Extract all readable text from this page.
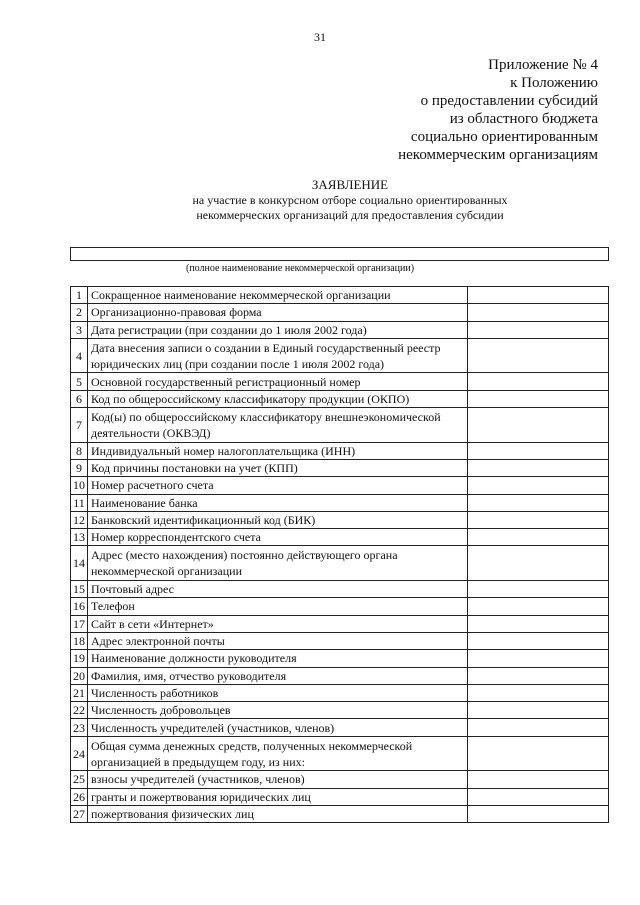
31
Приложение № 4
к Положению
о предоставлении субсидий
из областного бюджета
социально ориентированным
некоммерческим организациям
ЗАЯВЛЕНИЕ
на участие в конкурсном отборе социально ориентированных
некоммерческих организаций для предоставления субсидии
(полное наименование некоммерческой организации)
1	Сокращенное наименование некоммерческой организации	
2	Организационно-правовая форма	
3	Дата регистрации (при создании до 1 июля 2002 года)	
4	Дата внесения записи о создании в Единый государственный реестр юридических лиц (при создании после 1 июля 2002 года)	
5	Основной государственный регистрационный номер	
6	Код по общероссийскому классификатору продукции (ОКПО)	
7	Код(ы) по общероссийскому классификатору внешнеэкономической деятельности (ОКВЭД)	
8	Индивидуальный номер налогоплательщика (ИНН)	
9	Код причины постановки на учет (КПП)	
10	Номер расчетного счета	
11	Наименование банка	
12	Банковский идентификационный код (БИК)	
13	Номер корреспондентского счета	
14	Адрес (место нахождения) постоянно действующего органа некоммерческой организации	
15	Почтовый адрес	
16	Телефон	
17	Сайт в сети «Интернет»	
18	Адрес электронной почты	
19	Наименование должности руководителя	
20	Фамилия, имя, отчество руководителя	
21	Численность работников	
22	Численность добровольцев	
23	Численность учредителей (участников, членов)	
24	Общая сумма денежных средств, полученных некоммерческой организацией в предыдущем году, из них:	
25	взносы учредителей (участников, членов)	
26	гранты и пожертвования юридических лиц	
27	пожертвования физических лиц	
